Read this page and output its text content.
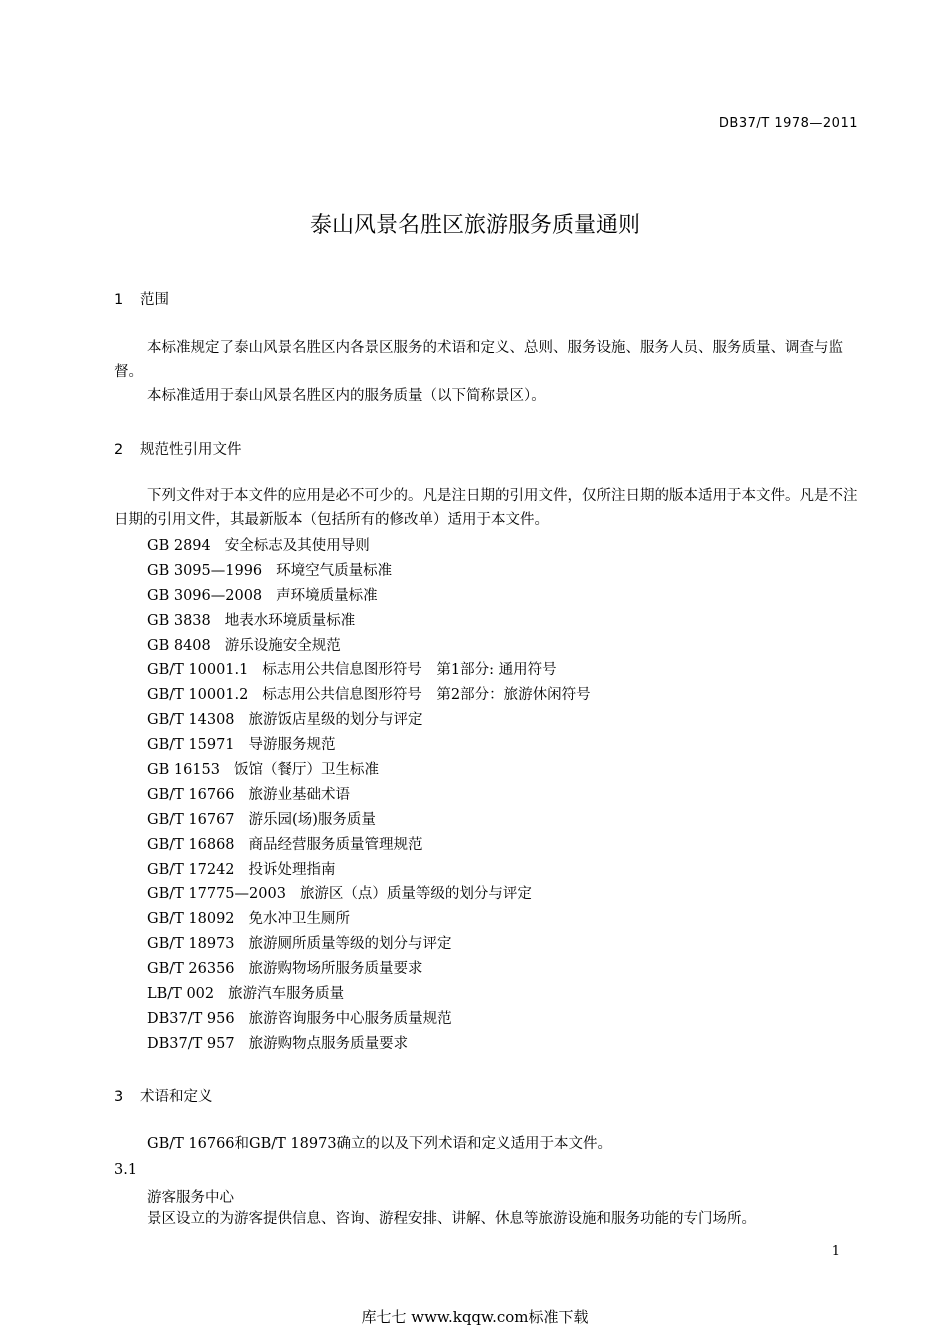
DB37/T 1978—2011
泰山风景名胜区旅游服务质量通则
1 范围
本标准规定了泰山风景名胜区内各景区服务的术语和定义、总则、服务设施、服务人员、服务质量、调查与监督。
本标准适用于泰山风景名胜区内的服务质量（以下简称景区）。
2 规范性引用文件
下列文件对于本文件的应用是必不可少的。凡是注日期的引用文件，仅所注日期的版本适用于本文件。凡是不注日期的引用文件，其最新版本（包括所有的修改单）适用于本文件。
GB 2894 安全标志及其使用导则
GB 3095—1996 环境空气质量标准
GB 3096—2008 声环境质量标准
GB 3838 地表水环境质量标准
GB 8408 游乐设施安全规范
GB/T 10001.1 标志用公共信息图形符号　第1部分: 通用符号
GB/T 10001.2 标志用公共信息图形符号　第2部分：旅游休闲符号
GB/T 14308 旅游饭店星级的划分与评定
GB/T 15971 导游服务规范
GB 16153 饭馆（餐厅）卫生标准
GB/T 16766 旅游业基础术语
GB/T 16767 游乐园(场)服务质量
GB/T 16868 商品经营服务质量管理规范
GB/T 17242 投诉处理指南
GB/T 17775—2003 旅游区（点）质量等级的划分与评定
GB/T 18092 免水冲卫生厕所
GB/T 18973 旅游厕所质量等级的划分与评定
GB/T 26356 旅游购物场所服务质量要求
LB/T 002 旅游汽车服务质量
DB37/T 956 旅游咨询服务中心服务质量规范
DB37/T 957 旅游购物点服务质量要求
3 术语和定义
GB/T 16766和GB/T 18973确立的以及下列术语和定义适用于本文件。
3.1
游客服务中心
景区设立的为游客提供信息、咨询、游程安排、讲解、休息等旅游设施和服务功能的专门场所。
1
库七七 www.kqqw.com标准下载
